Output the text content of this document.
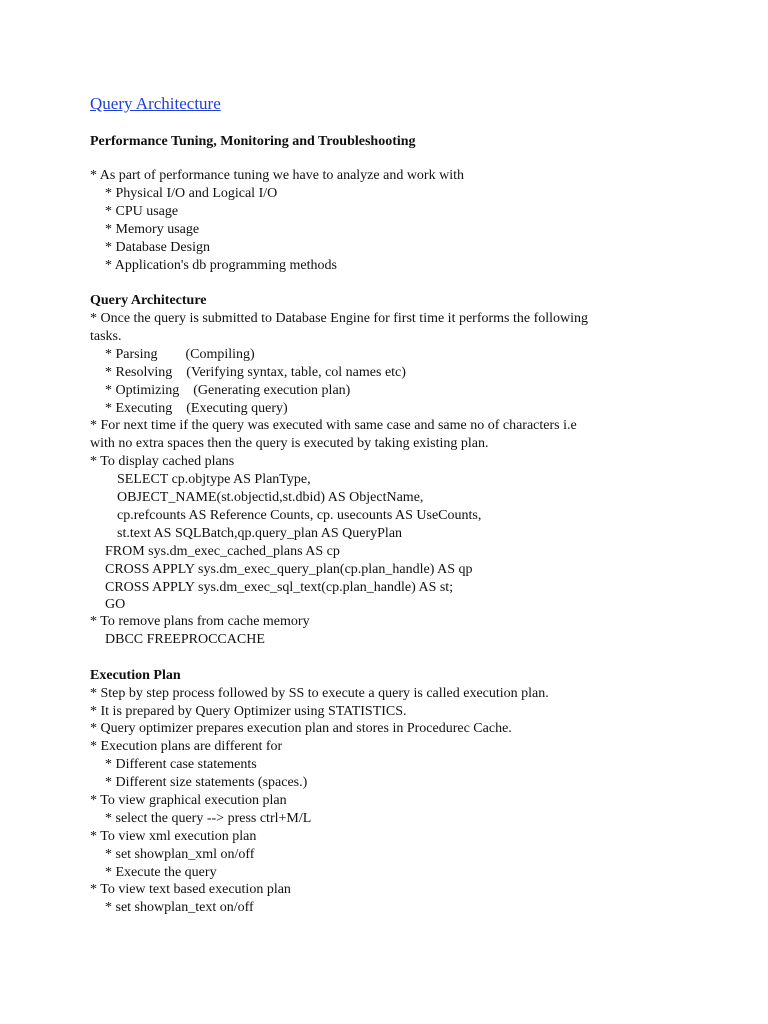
Query Architecture
Performance Tuning, Monitoring and Troubleshooting
* As part of performance tuning we have to analyze and work with
* Physical I/O and Logical I/O
* CPU usage
* Memory usage
* Database Design
* Application's db programming methods
Query Architecture
* Once the query is submitted to Database Engine for first time it performs the following
tasks.
* Parsing        (Compiling)
* Resolving    (Verifying syntax, table, col names etc)
* Optimizing    (Generating execution plan)
* Executing    (Executing query)
* For next time if the query was executed with same case and same no of characters i.e
with no extra spaces then the query is executed by taking existing plan.
* To display cached plans
SELECT cp.objtype AS PlanType,
OBJECT_NAME(st.objectid,st.dbid) AS ObjectName,
cp.refcounts AS Reference Counts, cp. usecounts AS UseCounts,
st.text AS SQLBatch,qp.query_plan AS QueryPlan
FROM sys.dm_exec_cached_plans AS cp
CROSS APPLY sys.dm_exec_query_plan(cp.plan_handle) AS qp
CROSS APPLY sys.dm_exec_sql_text(cp.plan_handle) AS st;
GO
* To remove plans from cache memory
DBCC FREEPROCCACHE
Execution Plan
* Step by step process followed by SS to execute a query is called execution plan.
* It is prepared by Query Optimizer using STATISTICS.
* Query optimizer prepares execution plan and stores in Procedurec Cache.
* Execution plans are different for
* Different case statements
* Different size statements (spaces.)
* To view graphical execution plan
* select the query --> press ctrl+M/L
* To view xml execution plan
* set showplan_xml on/off
* Execute the query
* To view text based execution plan
* set showplan_text on/off
